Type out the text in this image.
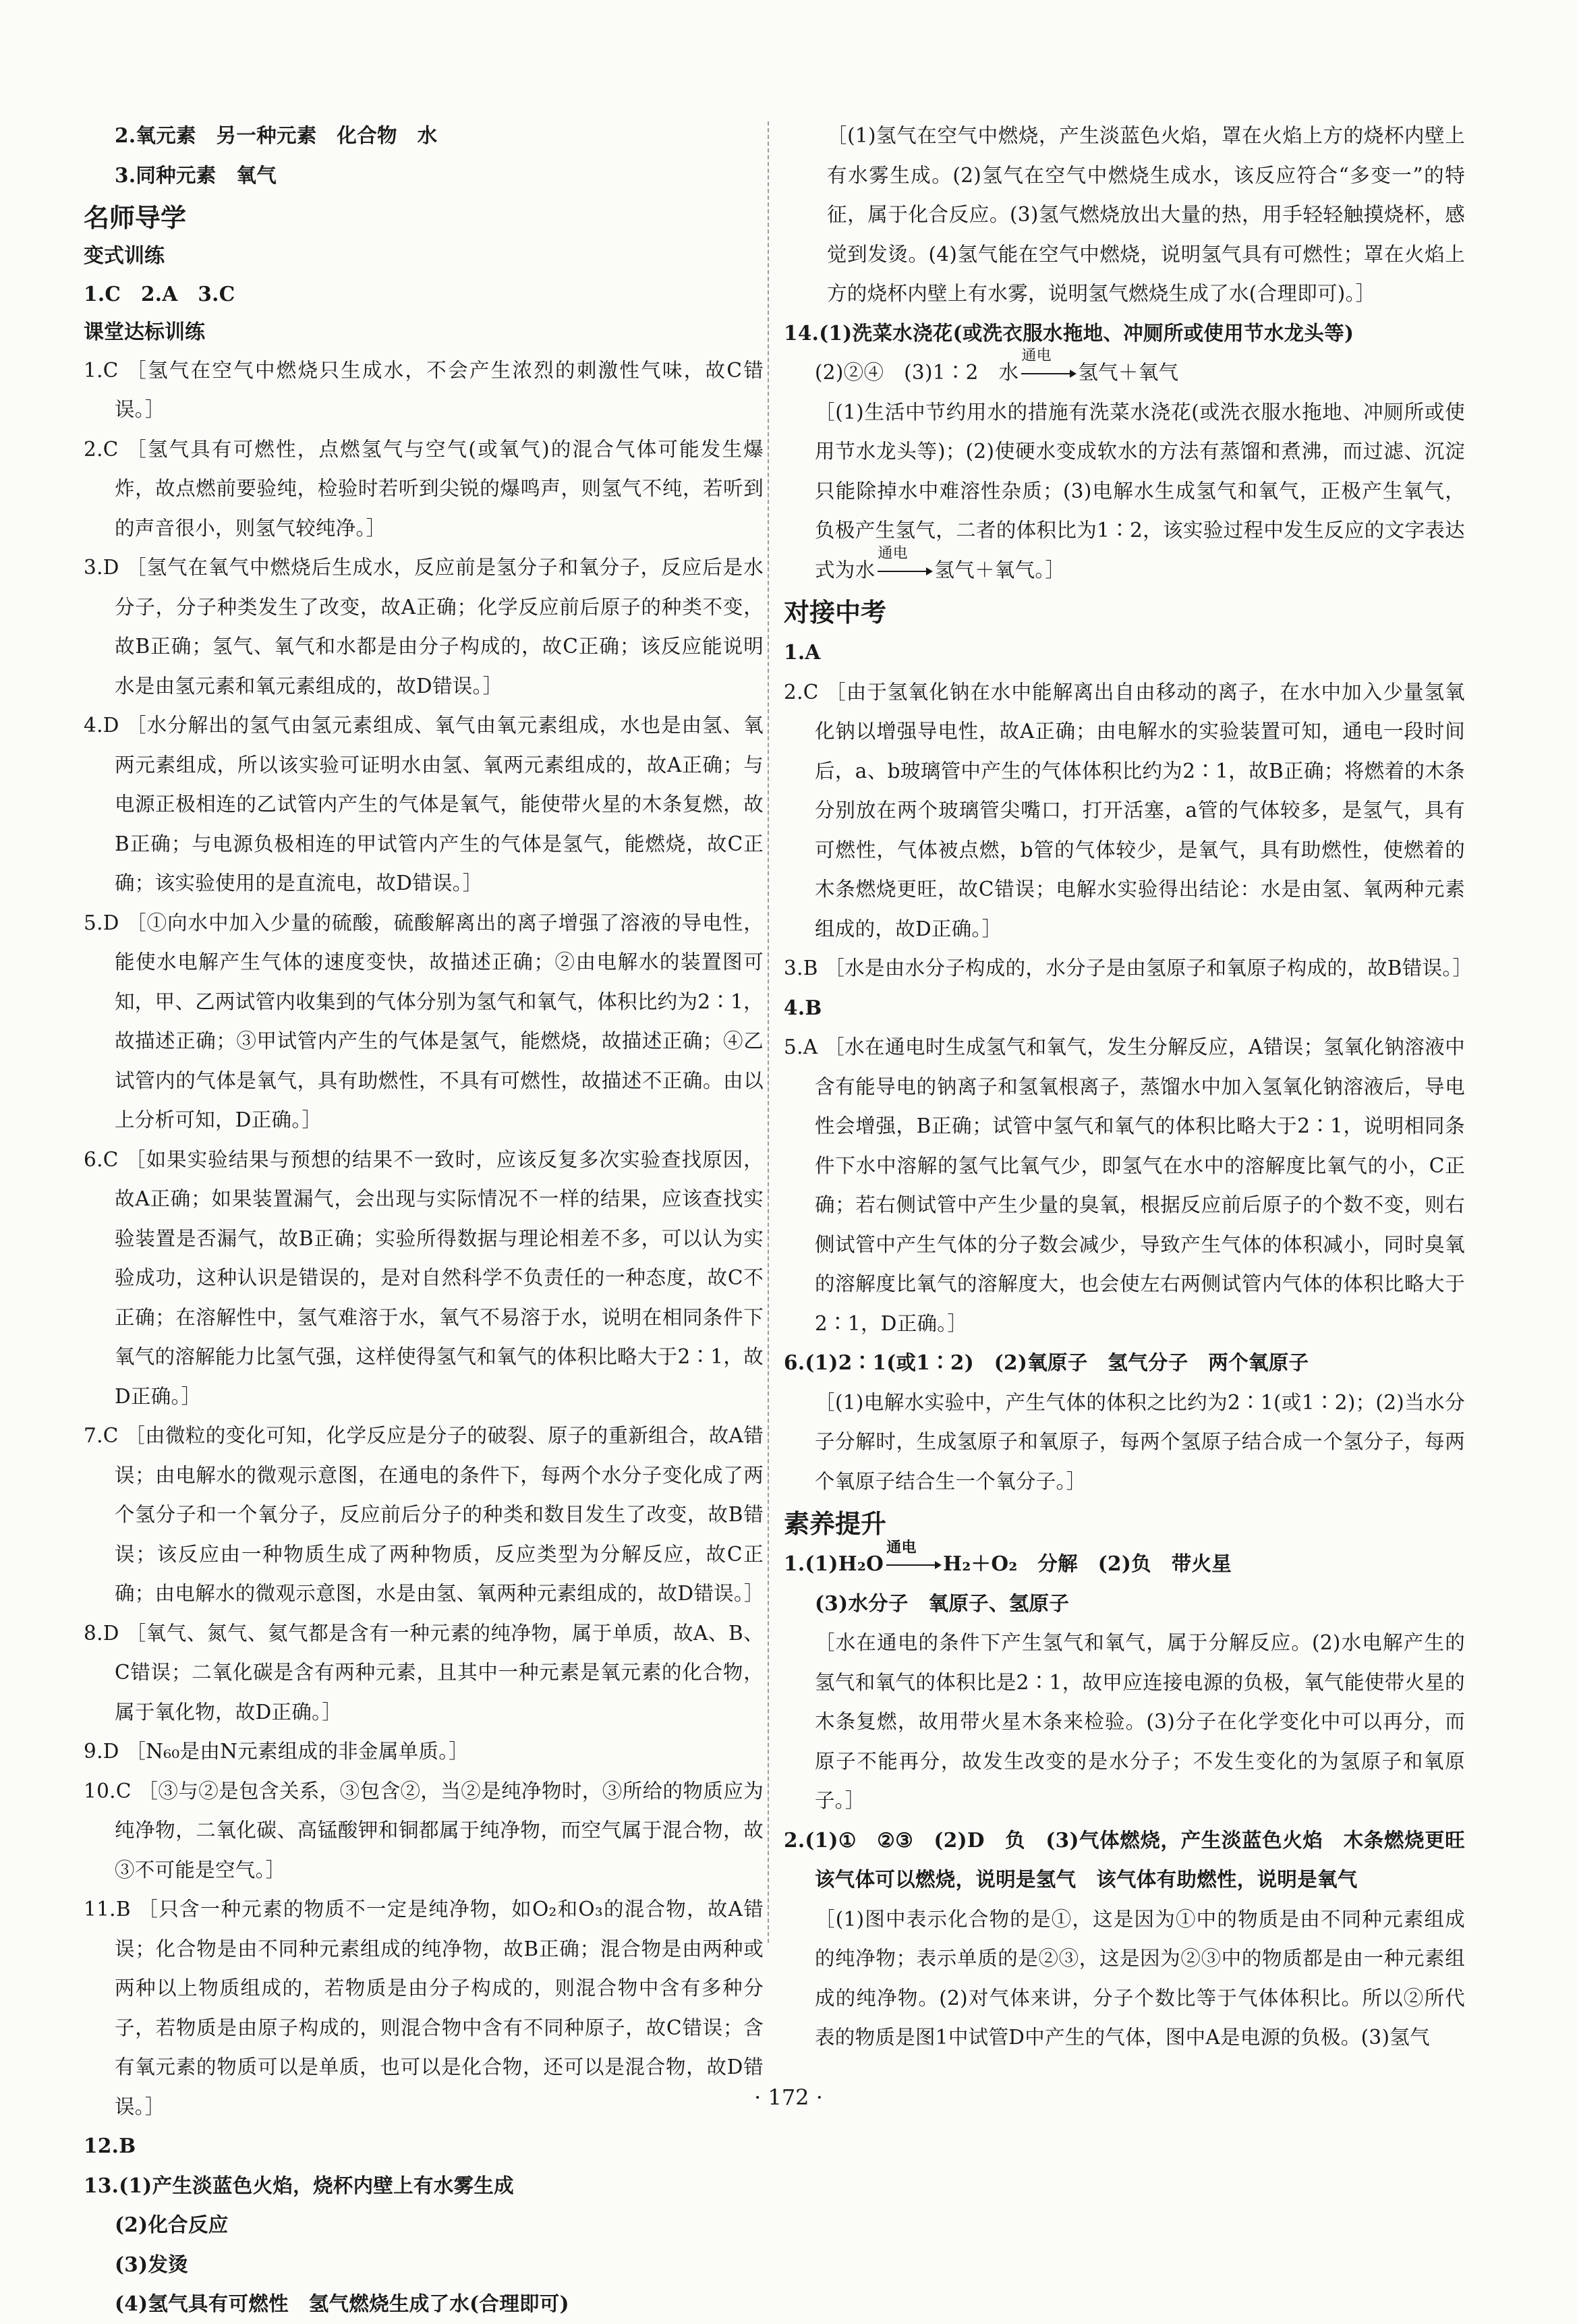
2.氧元素　另一种元素　化合物　水
3.同种元素　氧气
名师导学
变式训练
1.C　2.A　3.C
课堂达标训练
1.C ［氢气在空气中燃烧只生成水，不会产生浓烈的刺激性气味，故C错误。］
2.C ［氢气具有可燃性，点燃氢气与空气(或氧气)的混合气体可能发生爆炸，故点燃前要验纯，检验时若听到尖锐的爆鸣声，则氢气不纯，若听到的声音很小，则氢气较纯净。］
3.D ［氢气在氧气中燃烧后生成水，反应前是氢分子和氧分子，反应后是水分子，分子种类发生了改变，故A正确；化学反应前后原子的种类不变，故B正确；氢气、氧气和水都是由分子构成的，故C正确；该反应能说明水是由氢元素和氧元素组成的，故D错误。］
4.D ［水分解出的氢气由氢元素组成、氧气由氧元素组成，水也是由氢、氧两元素组成，所以该实验可证明水由氢、氧两元素组成的，故A正确；与电源正极相连的乙试管内产生的气体是氧气，能使带火星的木条复燃，故B正确；与电源负极相连的甲试管内产生的气体是氢气，能燃烧，故C正确；该实验使用的是直流电，故D错误。］
5.D ［①向水中加入少量的硫酸，硫酸解离出的离子增强了溶液的导电性，能使水电解产生气体的速度变快，故描述正确；②由电解水的装置图可知，甲、乙两试管内收集到的气体分别为氢气和氧气，体积比约为2∶1，故描述正确；③甲试管内产生的气体是氢气，能燃烧，故描述正确；④乙试管内的气体是氧气，具有助燃性，不具有可燃性，故描述不正确。由以上分析可知，D正确。］
6.C ［如果实验结果与预想的结果不一致时，应该反复多次实验查找原因，故A正确；如果装置漏气，会出现与实际情况不一样的结果，应该查找实验装置是否漏气，故B正确；实验所得数据与理论相差不多，可以认为实验成功，这种认识是错误的，是对自然科学不负责任的一种态度，故C不正确；在溶解性中，氢气难溶于水，氧气不易溶于水，说明在相同条件下氧气的溶解能力比氢气强，这样使得氢气和氧气的体积比略大于2∶1，故D正确。］
7.C ［由微粒的变化可知，化学反应是分子的破裂、原子的重新组合，故A错误；由电解水的微观示意图，在通电的条件下，每两个水分子变化成了两个氢分子和一个氧分子，反应前后分子的种类和数目发生了改变，故B错误；该反应由一种物质生成了两种物质，反应类型为分解反应，故C正确；由电解水的微观示意图，水是由氢、氧两种元素组成的，故D错误。］
8.D ［氧气、氮气、氦气都是含有一种元素的纯净物，属于单质，故A、B、C错误；二氧化碳是含有两种元素，且其中一种元素是氧元素的化合物，属于氧化物，故D正确。］
9.D ［N₆₀是由N元素组成的非金属单质。］
10.C ［③与②是包含关系，③包含②，当②是纯净物时，③所给的物质应为纯净物，二氧化碳、高锰酸钾和铜都属于纯净物，而空气属于混合物，故③不可能是空气。］
11.B ［只含一种元素的物质不一定是纯净物，如O₂和O₃的混合物，故A错误；化合物是由不同种元素组成的纯净物，故B正确；混合物是由两种或两种以上物质组成的，若物质是由分子构成的，则混合物中含有多种分子，若物质是由原子构成的，则混合物中含有不同种原子，故C错误；含有氧元素的物质可以是单质，也可以是化合物，还可以是混合物，故D错误。］
12.B
13.(1)产生淡蓝色火焰，烧杯内壁上有水雾生成
(2)化合反应
(3)发烫
(4)氢气具有可燃性　氢气燃烧生成了水(合理即可)
［(1)氢气在空气中燃烧，产生淡蓝色火焰，罩在火焰上方的烧杯内壁上有水雾生成。(2)氢气在空气中燃烧生成水，该反应符合“多变一”的特征，属于化合反应。(3)氢气燃烧放出大量的热，用手轻轻触摸烧杯，感觉到发烫。(4)氢气能在空气中燃烧，说明氢气具有可燃性；罩在火焰上方的烧杯内壁上有水雾，说明氢气燃烧生成了水(合理即可)。］
14.(1)洗菜水浇花(或洗衣服水拖地、冲厕所或使用节水龙头等)
(2)②④　(3)1∶2　水
通电
氢气＋氧气
［(1)生活中节约用水的措施有洗菜水浇花(或洗衣服水拖地、冲厕所或使用节水龙头等)；(2)使硬水变成软水的方法有蒸馏和煮沸，而过滤、沉淀只能除掉水中难溶性杂质；(3)电解水生成氢气和氧气，正极产生氧气，负极产生氢气，二者的体积比为1∶2，该实验过程中发生反应的文字表达式为水
通电
氢气＋氧气。］
对接中考
1.A
2.C ［由于氢氧化钠在水中能解离出自由移动的离子，在水中加入少量氢氧化钠以增强导电性，故A正确；由电解水的实验装置可知，通电一段时间后，a、b玻璃管中产生的气体体积比约为2∶1，故B正确；将燃着的木条分别放在两个玻璃管尖嘴口，打开活塞，a管的气体较多，是氢气，具有可燃性，气体被点燃，b管的气体较少，是氧气，具有助燃性，使燃着的木条燃烧更旺，故C错误；电解水实验得出结论：水是由氢、氧两种元素组成的，故D正确。］
3.B ［水是由水分子构成的，水分子是由氢原子和氧原子构成的，故B错误。］
4.B
5.A ［水在通电时生成氢气和氧气，发生分解反应，A错误；氢氧化钠溶液中含有能导电的钠离子和氢氧根离子，蒸馏水中加入氢氧化钠溶液后，导电性会增强，B正确；试管中氢气和氧气的体积比略大于2∶1，说明相同条件下水中溶解的氢气比氧气少，即氢气在水中的溶解度比氧气的小，C正确；若右侧试管中产生少量的臭氧，根据反应前后原子的个数不变，则右侧试管中产生气体的分子数会减少，导致产生气体的体积减小，同时臭氧的溶解度比氧气的溶解度大，也会使左右两侧试管内气体的体积比略大于2∶1，D正确。］
6.(1)2∶1(或1∶2)　(2)氧原子　氢气分子　两个氧原子
［(1)电解水实验中，产生气体的体积之比约为2∶1(或1∶2)；(2)当水分子分解时，生成氢原子和氧原子，每两个氢原子结合成一个氢分子，每两个氧原子结合生一个氧分子。］
素养提升
1.(1)H₂O
通电
H₂＋O₂　分解　(2)负　带火星
(3)水分子　氧原子、氢原子
［水在通电的条件下产生氢气和氧气，属于分解反应。(2)水电解产生的氢气和氧气的体积比是2∶1，故甲应连接电源的负极，氧气能使带火星的木条复燃，故用带火星木条来检验。(3)分子在化学变化中可以再分，而原子不能再分，故发生改变的是水分子；不发生变化的为氢原子和氧原子。］
2.(1)①　②③　(2)D　负　(3)气体燃烧，产生淡蓝色火焰　木条燃烧更旺　该气体可以燃烧，说明是氢气　该气体有助燃性，说明是氧气
［(1)图中表示化合物的是①，这是因为①中的物质是由不同种元素组成的纯净物；表示单质的是②③，这是因为②③中的物质都是由一种元素组成的纯净物。(2)对气体来讲，分子个数比等于气体体积比。所以②所代表的物质是图1中试管D中产生的气体，图中A是电源的负极。(3)氢气
· 172 ·
